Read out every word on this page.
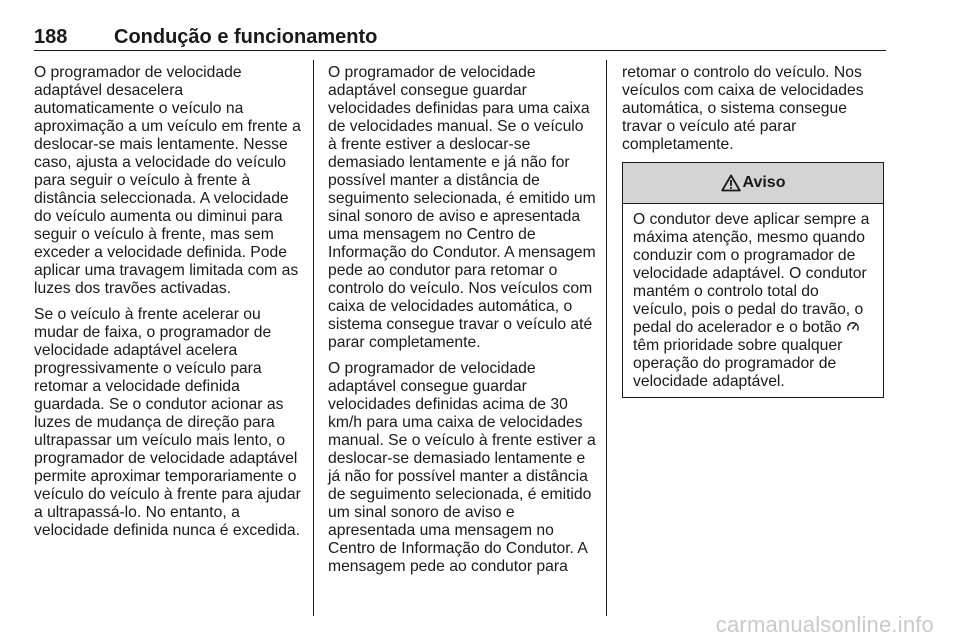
188 Condução e funcionamento

O programador de velocidade adaptável desacelera automaticamente o veículo na aproximação a um veículo em frente a deslocar-se mais lentamente. Nesse caso, ajusta a velocidade do veículo para seguir o veículo à frente à distância seleccionada. A velocidade do veículo aumenta ou diminui para seguir o veículo à frente, mas sem exceder a velocidade definida. Pode aplicar uma travagem limitada com as luzes dos travões activadas.

Se o veículo à frente acelerar ou mudar de faixa, o programador de velocidade adaptável acelera progressivamente o veículo para retomar a velocidade definida guardada. Se o condutor acionar as luzes de mudança de direção para ultrapassar um veículo mais lento, o programador de velocidade adaptável permite aproximar temporariamente o veículo do veículo à frente para ajudar a ultrapassá-lo. No entanto, a velocidade definida nunca é excedida.

O programador de velocidade adaptável consegue guardar velocidades definidas para uma caixa de velocidades manual. Se o veículo à frente estiver a deslocar-se demasiado lentamente e já não for possível manter a distância de seguimento selecionada, é emitido um sinal sonoro de aviso e apresentada uma mensagem no Centro de Informação do Condutor. A mensagem pede ao condutor para retomar o controlo do veículo. Nos veículos com caixa de velocidades automática, o sistema consegue travar o veículo até parar completamente.

O programador de velocidade adaptável consegue guardar velocidades definidas acima de 30 km/h para uma caixa de velocidades manual. Se o veículo à frente estiver a deslocar-se demasiado lentamente e já não for possível manter a distância de seguimento selecionada, é emitido um sinal sonoro de aviso e apresentada uma mensagem no Centro de Informação do Condutor. A mensagem pede ao condutor para

retomar o controlo do veículo. Nos veículos com caixa de velocidades automática, o sistema consegue travar o veículo até parar completamente.

Aviso
O condutor deve aplicar sempre a máxima atenção, mesmo quando conduzir com o programador de velocidade adaptável. O condutor mantém o controlo total do veículo, pois o pedal do travão, o pedal do acelerador e o botão  têm prioridade sobre qualquer operação do programador de velocidade adaptável.
carmanualsonline.info
